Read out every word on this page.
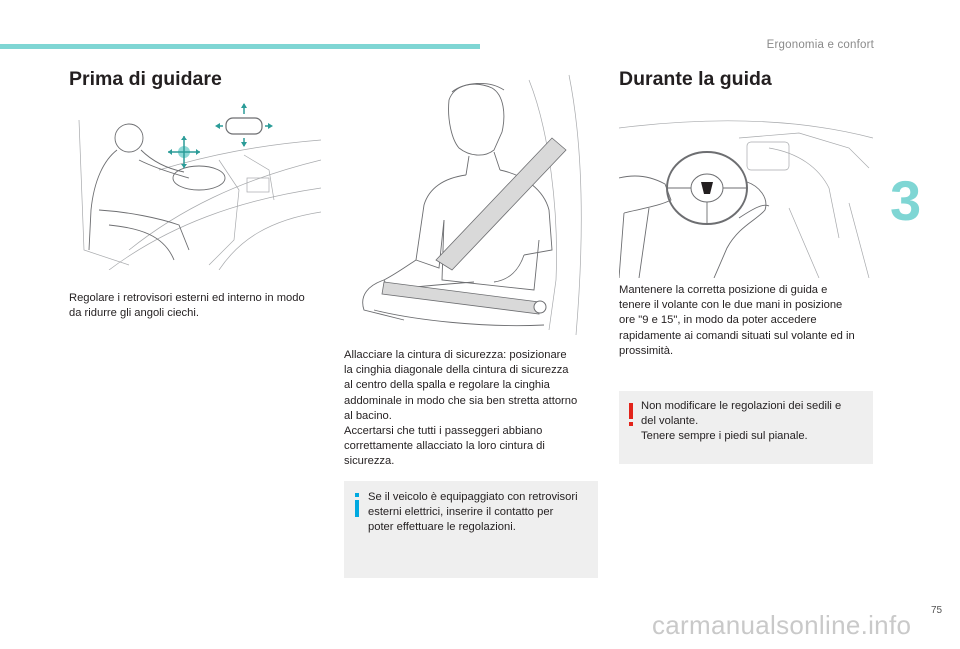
Ergonomia e confort
3
Prima di guidare	Durante la guida
Regolare i retrovisori esterni ed interno in modo
da ridurre gli angoli ciechi.
Allacciare la cintura di sicurezza: posizionare
la cinghia diagonale della cintura di sicurezza
al centro della spalla e regolare la cinghia
addominale in modo che sia ben stretta attorno
al bacino.
Accertarsi che tutti i passeggeri abbiano
correttamente allacciato la loro cintura di
sicurezza.
Se il veicolo è equipaggiato con retrovisori
esterni elettrici, inserire il contatto per
poter effettuare le regolazioni.
Mantenere la corretta posizione di guida e
tenere il volante con le due mani in posizione
ore "9 e 15", in modo da poter accedere
rapidamente ai comandi situati sul volante ed in
prossimità.
Non modificare le regolazioni dei sedili e
del volante.
Tenere sempre i piedi sul pianale.
75
carmanualsonline.info
